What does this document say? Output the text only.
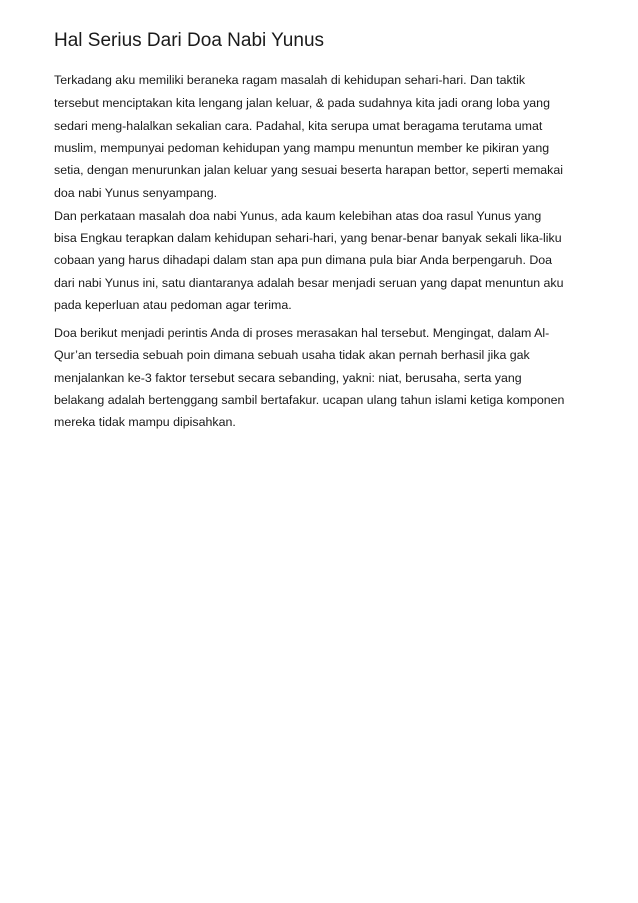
Hal Serius Dari Doa Nabi Yunus

Terkadang aku memiliki beraneka ragam masalah di kehidupan sehari-hari. Dan taktik

tersebut menciptakan kita lengang jalan keluar, & pada sudahnya kita jadi orang loba yang

sedari meng-halalkan sekalian cara. Padahal, kita serupa umat beragama terutama umat

muslim, mempunyai pedoman kehidupan yang mampu menuntun member ke pikiran yang

setia, dengan menurunkan jalan keluar yang sesuai beserta harapan bettor, seperti memakai

doa nabi Yunus senyampang.

Dan perkataan masalah doa nabi Yunus, ada kaum kelebihan atas doa rasul Yunus yang

bisa Engkau terapkan dalam kehidupan sehari-hari, yang benar-benar banyak sekali lika-liku

cobaan yang harus dihadapi dalam stan apa pun dimana pula biar Anda berpengaruh. Doa

dari nabi Yunus ini, satu diantaranya adalah besar menjadi seruan yang dapat menuntun aku

pada keperluan atau pedoman agar terima.

Doa berikut menjadi perintis Anda di proses merasakan hal tersebut. Mengingat, dalam Al-

Qur’an tersedia sebuah poin dimana sebuah usaha tidak akan pernah berhasil jika gak

menjalankan ke-3 faktor tersebut secara sebanding, yakni: niat, berusaha, serta yang

belakang adalah bertenggang sambil bertafakur. ucapan ulang tahun islami ketiga komponen

mereka tidak mampu dipisahkan.
